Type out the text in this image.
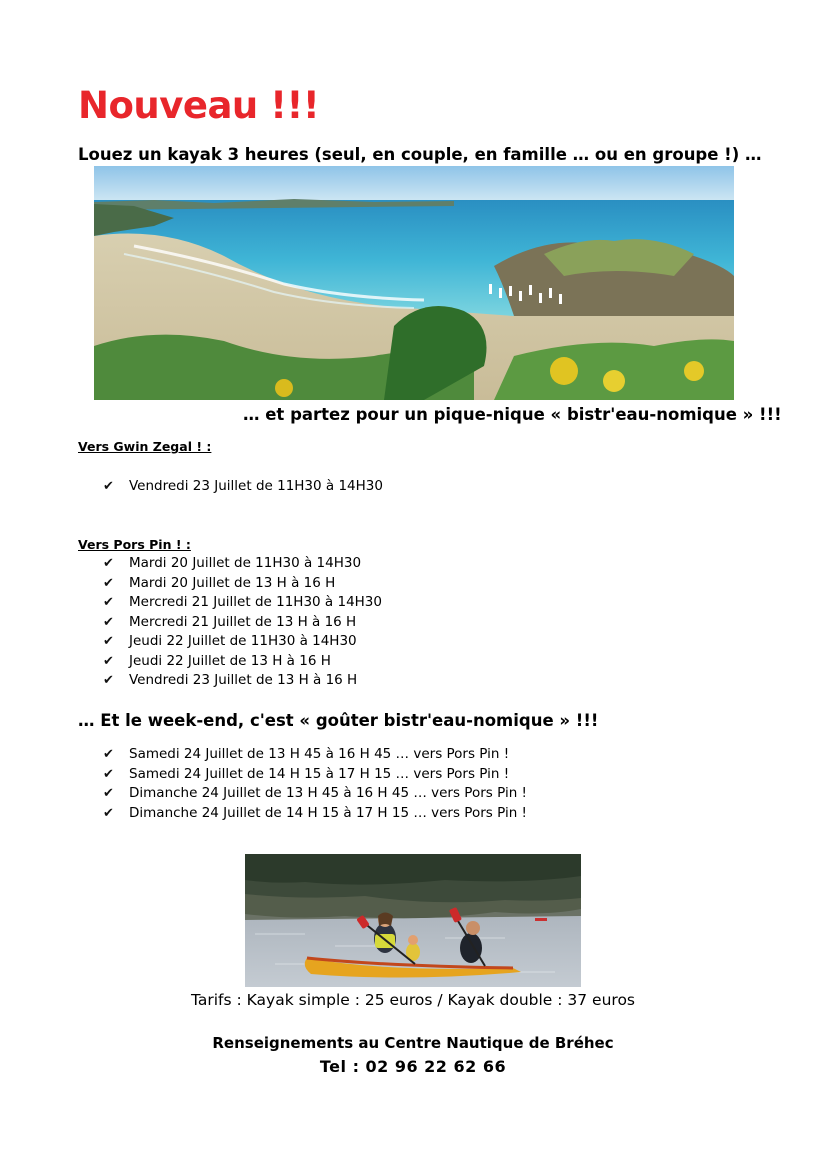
Nouveau !!!

Louez un kayak 3 heures (seul, en couple, en famille … ou en groupe !) …

… et partez pour un pique-nique « bistr'eau-nomique » !!!

Vers Gwin Zegal ! :

✔	Vendredi 23 Juillet de 11H30 à 14H30

Vers Pors Pin ! :

✔	Mardi 20 Juillet de 11H30 à 14H30
✔	Mardi 20 Juillet de 13 H à 16 H
✔	Mercredi 21 Juillet de 11H30 à 14H30
✔	Mercredi 21 Juillet de 13 H à 16 H
✔	Jeudi 22 Juillet de 11H30 à 14H30
✔	Jeudi 22 Juillet de 13 H à 16 H
✔	Vendredi 23 Juillet de 13 H à 16 H

… Et le week-end, c'est « goûter bistr'eau-nomique » !!!

✔	Samedi 24 Juillet de 13 H 45 à 16 H 45 … vers Pors Pin !
✔	Samedi 24 Juillet de 14 H 15 à 17 H 15 … vers Pors Pin !
✔	Dimanche 24 Juillet de 13 H 45 à 16 H 45 … vers Pors Pin !
✔	Dimanche 24 Juillet de 14 H 15 à 17 H 15 … vers Pors Pin !

Tarifs : Kayak simple : 25 euros / Kayak double : 37 euros

Renseignements au Centre Nautique de Bréhec

Tel : 02 96 22 62 66
